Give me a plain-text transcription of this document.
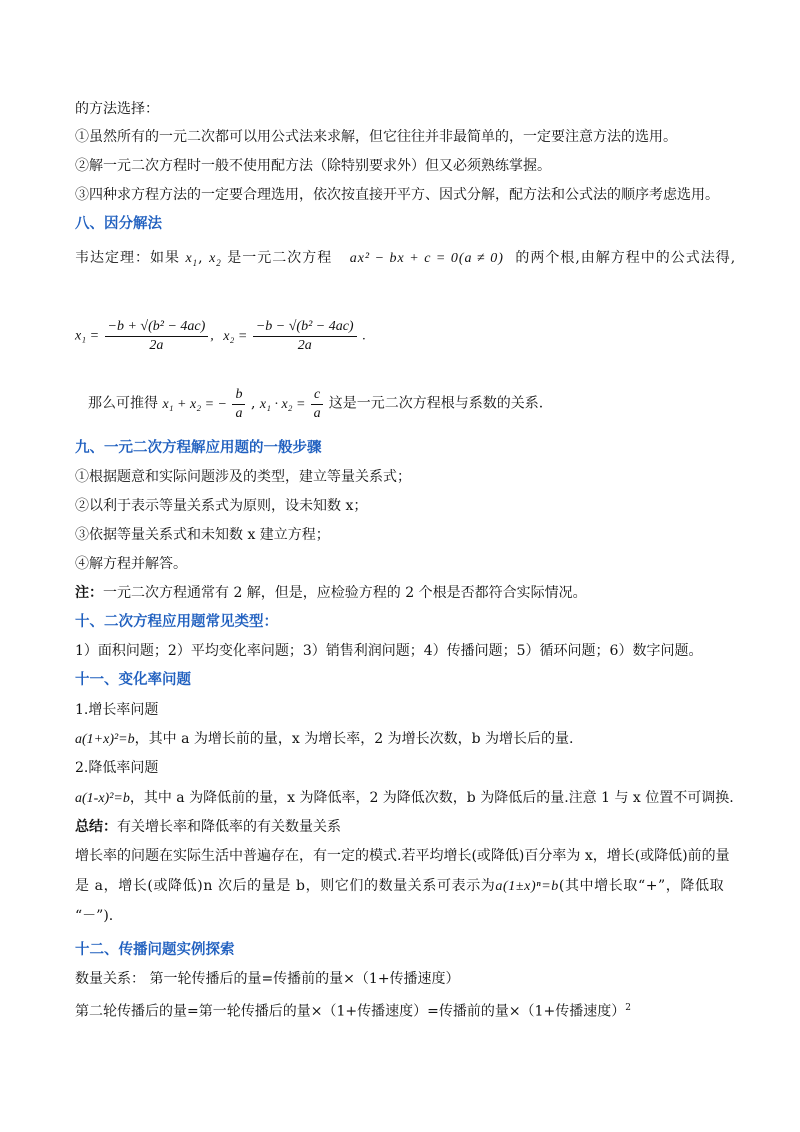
的方法选择：
①虽然所有的一元二次都可以用公式法来求解，但它往往并非最简单的，一定要注意方法的选用。
②解一元二次方程时一般不使用配方法（除特别要求外）但又必须熟练掌握。
③四种求方程方法的一定要合理选用，依次按直接开平方、因式分解，配方法和公式法的顺序考虑选用。
八、因分解法
韦达定理：如果 $x_1$, $x_2$ 是一元二次方程 ax² − bx + c = 0(a ≠ 0) 的两个根,由解方程中的公式法得,
$x_1 = \frac{\text{−b + √(b² − 4ac)}}{2a}$ , $x_2 = \frac{\text{−b − √(b² − 4ac)}}{2a}$ .
那么可推得 x₁ + x₂ = − $\frac{b}{a}$ , $x_1 \cdot x_2 = \frac{c}{a}$ 这是一元二次方程根与系数的关系.
九、一元二次方程解应用题的一般步骤
①根据题意和实际问题涉及的类型，建立等量关系式；
②以利于表示等量关系式为原则，设未知数 x；
③依据等量关系式和未知数 x 建立方程；
④解方程并解答。
注：一元二次方程通常有 2 解，但是，应检验方程的 2 个根是否都符合实际情况。
十、二次方程应用题常见类型：
1）面积问题；2）平均变化率问题；3）销售利润问题；4）传播问题；5）循环问题；6）数字问题。
十一、变化率问题
1.增长率问题
a(1+x)²=b，其中 a 为增长前的量，x 为增长率，2 为增长次数，b 为增长后的量.
2.降低率问题
a(1-x)²=b，其中 a 为降低前的量，x 为降低率，2 为降低次数，b 为降低后的量.注意 1 与 x 位置不可调换.
总结：有关增长率和降低率的有关数量关系
增长率的问题在实际生活中普遍存在，有一定的模式.若平均增长(或降低)百分率为 x，增长(或降低)前的量
是 a，增长(或降低)n 次后的量是 b，则它们的数量关系可表示为a(1±x)ⁿ=b(其中增长取“+”，降低取
“－”).
十二、传播问题实例探索
数量关系： 第一轮传播后的量=传播前的量×（1+传播速度）
第二轮传播后的量=第一轮传播后的量×（1+传播速度）=传播前的量×（1+传播速度）$^2$
